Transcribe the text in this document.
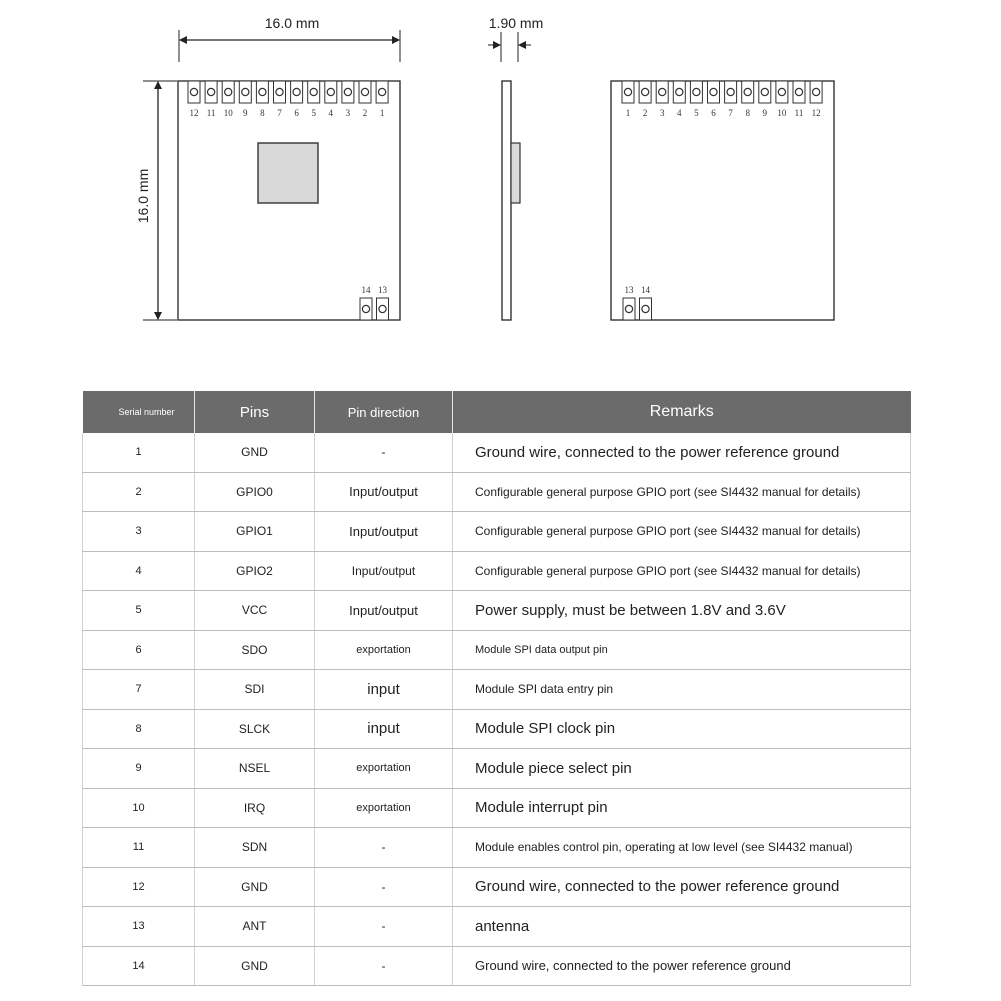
16.0 mm
16.0 mm
1.90 mm
12 11 10 9 8 7 6 5 4 3 2 1
14 13
1 2 3 4 5 6 7 8 9 10 11 12
13 14
Serial number	Pins	Pin direction	Remarks
1	GND	-	Ground wire, connected to the power reference ground
2	GPIO0	Input/output	Configurable general purpose GPIO port (see SI4432 manual for details)
3	GPIO1	Input/output	Configurable general purpose GPIO port (see SI4432 manual for details)
4	GPIO2	Input/output	Configurable general purpose GPIO port (see SI4432 manual for details)
5	VCC	Input/output	Power supply, must be between 1.8V and 3.6V
6	SDO	exportation	Module SPI data output pin
7	SDI	input	Module SPI data entry pin
8	SLCK	input	Module SPI clock pin
9	NSEL	exportation	Module piece select pin
10	IRQ	exportation	Module interrupt pin
11	SDN	-	Module enables control pin, operating at low level (see SI4432 manual)
12	GND	-	Ground wire, connected to the power reference ground
13	ANT	-	antenna
14	GND	-	Ground wire, connected to the power reference ground
